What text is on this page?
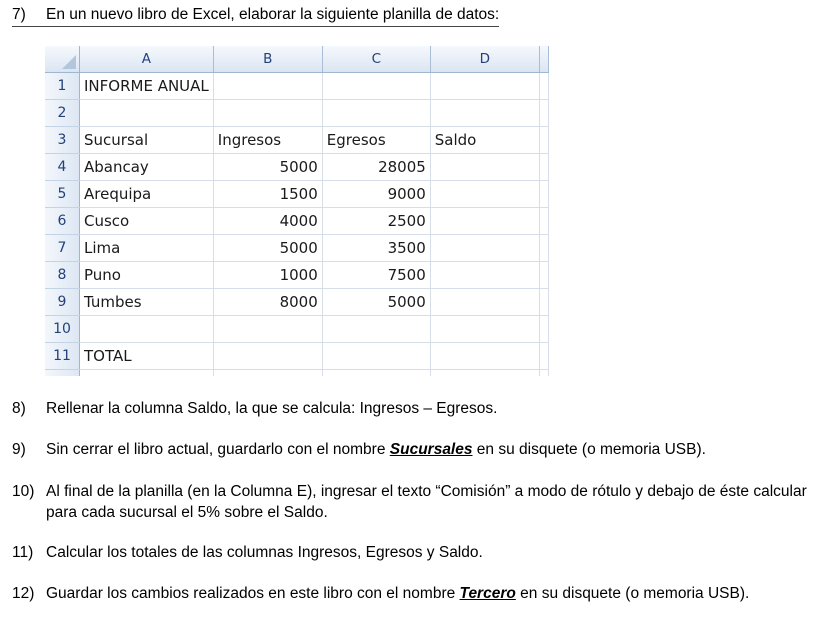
7) En un nuevo libro de Excel, elaborar la siguiente planilla de datos:
	A	B	C	D	
1	INFORME ANUAL				
2					
3	Sucursal	Ingresos	Egresos	Saldo	
4	Abancay	5000	28005		
5	Arequipa	1500	9000		
6	Cusco	4000	2500		
7	Lima	5000	3500		
8	Puno	1000	7500		
9	Tumbes	8000	5000		
10					
11	TOTAL				

8) Rellenar la columna Saldo, la que se calcula: Ingresos – Egresos.
9) Sin cerrar el libro actual, guardarlo con el nombre Sucursales en su disquete (o memoria USB).
10) Al final de la planilla (en la Columna E), ingresar el texto “Comisión” a modo de rótulo y debajo de éste calcular para cada sucursal el 5% sobre el Saldo.
11) Calcular los totales de las columnas Ingresos, Egresos y Saldo.
12) Guardar los cambios realizados en este libro con el nombre Tercero en su disquete (o memoria USB).
